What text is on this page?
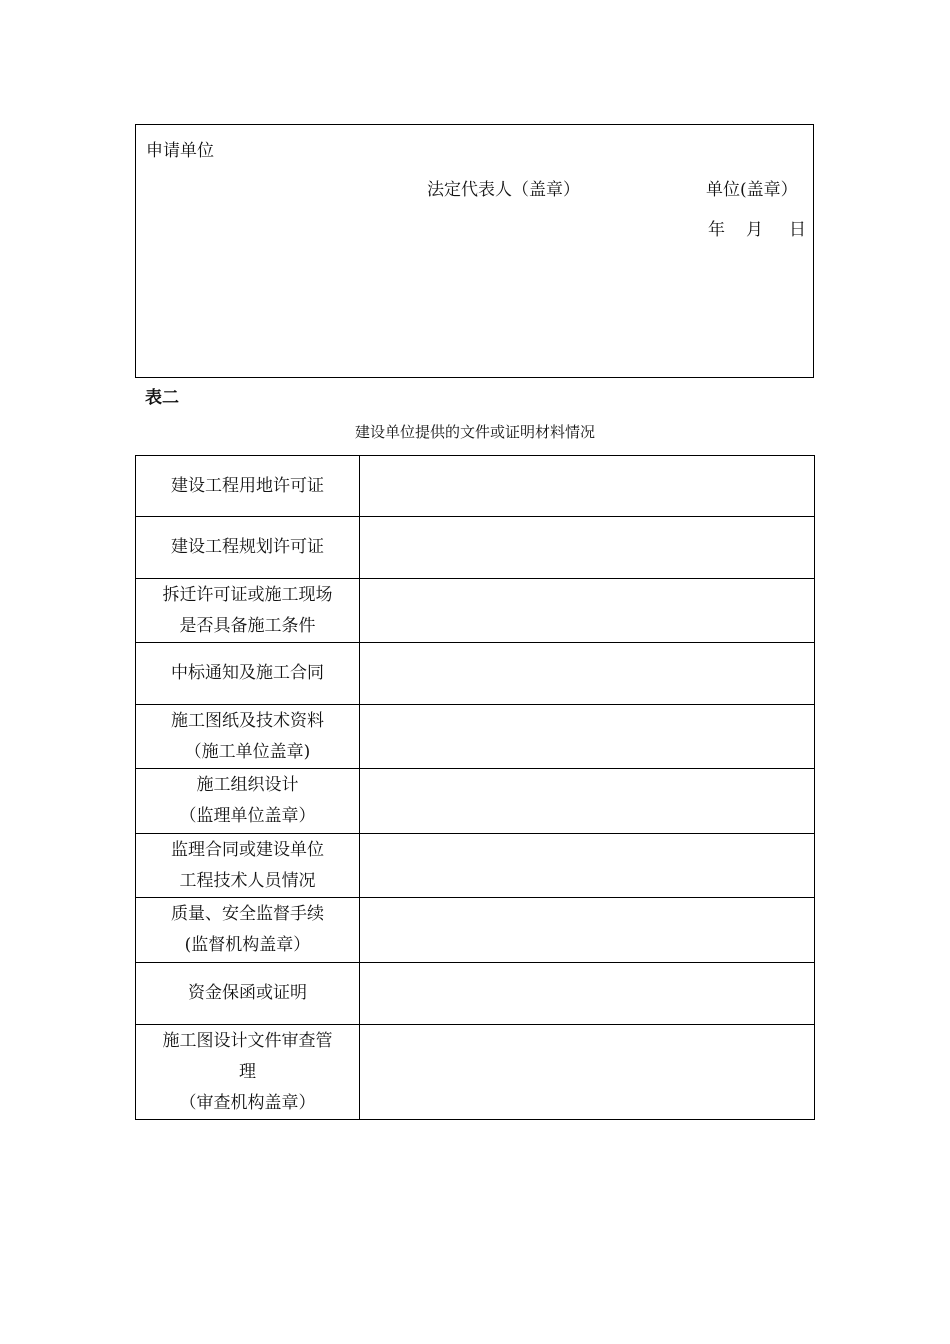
申请单位
法定代表人（盖章）	单位(盖章）
年 月 日
表二
建设单位提供的文件或证明材料情况
建设工程用地许可证	

建设工程规划许可证	

拆迁许可证或施工现场
是否具备施工条件	

中标通知及施工合同	

施工图纸及技术资料
（施工单位盖章)	

施工组织设计
（监理单位盖章）	

监理合同或建设单位
工程技术人员情况	

质量、安全监督手续
(监督机构盖章）	

资金保函或证明	

施工图设计文件审查管
理
（审查机构盖章）	
